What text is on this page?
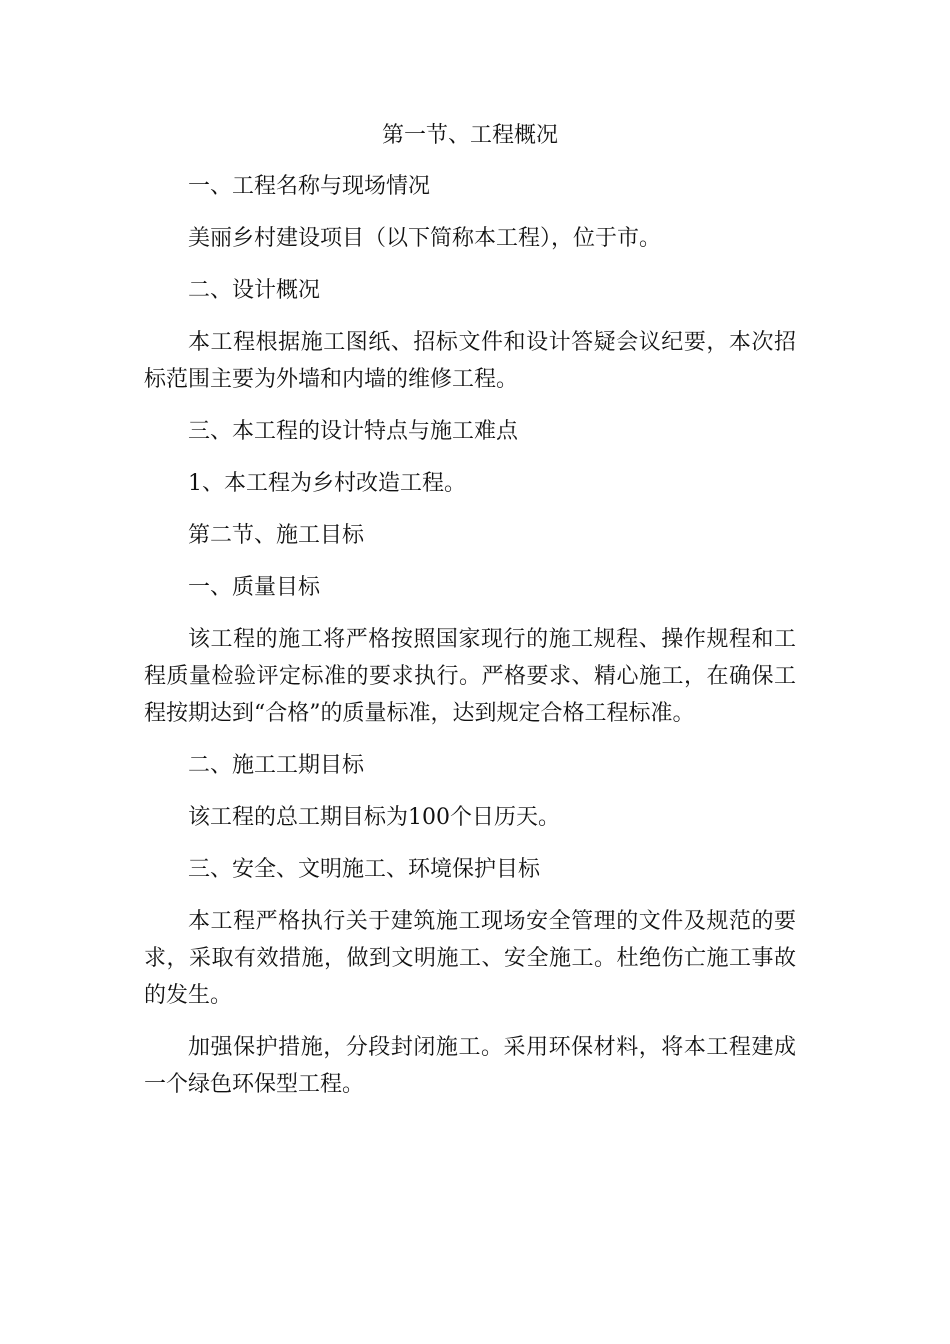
第一节、工程概况

一、工程名称与现场情况

美丽乡村建设项目（以下简称本工程），位于市。

二、设计概况

本工程根据施工图纸、招标文件和设计答疑会议纪要，本次招标范围主要为外墙和内墙的维修工程。

三、本工程的设计特点与施工难点

1、本工程为乡村改造工程。

第二节、施工目标

一、质量目标

该工程的施工将严格按照国家现行的施工规程、操作规程和工程质量检验评定标准的要求执行。严格要求、精心施工，在确保工程按期达到“合格”的质量标准，达到规定合格工程标准。

二、施工工期目标

该工程的总工期目标为100个日历天。

三、安全、文明施工、环境保护目标

本工程严格执行关于建筑施工现场安全管理的文件及规范的要求，采取有效措施，做到文明施工、安全施工。杜绝伤亡施工事故的发生。

加强保护措施，分段封闭施工。采用环保材料，将本工程建成一个绿色环保型工程。
